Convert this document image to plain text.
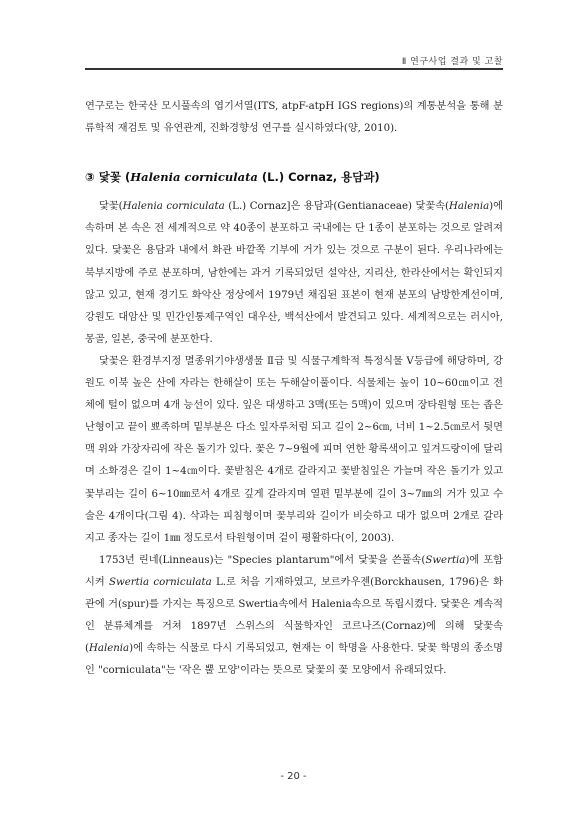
Ⅱ 연구사업 결과 및 고찰

연구로는 한국산 모시풀속의 엽기서열(ITS, atpF-atpH IGS regions)의 계통분석을 통해 분류학적 재검토 및 유연관계, 진화경향성 연구를 실시하였다(양, 2010).

③ 닻꽃 (Halenia corniculata (L.) Cornaz, 용담과)

닻꽃(Halenia corniculata (L.) Cornaz]은 용담과(Gentianaceae) 닻꽃속(Halenia)에 속하며 본 속은 전 세계적으로 약 40종이 분포하고 국내에는 단 1종이 분포하는 것으로 알려져 있다. 닻꽃은 용담과 내에서 화관 바깥쪽 기부에 거가 있는 것으로 구분이 된다. 우리나라에는 북부지방에 주로 분포하며, 남한에는 과거 기록되었던 설악산, 지리산, 한라산에서는 확인되지 않고 있고, 현재 경기도 화악산 정상에서 1979년 채집된 표본이 현재 분포의 남방한계선이며, 강원도 대암산 및 민간인통제구역인 대우산, 백석산에서 발견되고 있다. 세계적으로는 러시아, 몽골, 일본, 중국에 분포한다.

닻꽃은 환경부지정 멸종위기야생생물 Ⅱ급 및 식물구계학적 특정식물 Ⅴ등급에 해당하며, 강원도 이북 높은 산에 자라는 한해살이 또는 두해살이풀이다. 식물체는 높이 10~60㎝이고 전체에 털이 없으며 4개 능선이 있다. 잎은 대생하고 3맥(또는 5맥)이 있으며 장타원형 또는 좁은 난형이고 끝이 뾰족하며 밑부분은 다소 잎자루처럼 되고 길이 2~6㎝, 너비 1~2.5㎝로서 뒷면 맥 위와 가장자리에 작은 돌기가 있다. 꽃은 7~9월에 피며 연한 황록색이고 잎겨드랑이에 달리며 소화경은 길이 1~4㎝이다. 꽃받침은 4개로 갈라지고 꽃받침잎은 가늘며 작은 돌기가 있고 꽃부리는 길이 6~10㎜로서 4개로 깊게 갈라지며 열편 밑부분에 길이 3~7㎜의 거가 있고 수술은 4개이다(그림 4). 삭과는 피침형이며 꽃부리와 길이가 비슷하고 대가 없으며 2개로 갈라지고 종자는 길이 1㎜ 정도로서 타원형이며 겉이 평활하다(이, 2003).

1753년 린네(Linneaus)는 "Species plantarum"에서 닻꽃을 쓴풀속(Swertia)에 포함시켜 Swertia corniculata L.로 처음 기재하였고, 보르카우젠(Borckhausen, 1796)은 화관에 거(spur)를 가지는 특징으로 Swertia속에서 Halenia속으로 독립시켰다. 닻꽃은 계속적인 분류체계를 거쳐 1897년 스위스의 식물학자인 코르나즈(Cornaz)에 의해 닻꽃속(Halenia)에 속하는 식물로 다시 기록되었고, 현재는 이 학명을 사용한다. 닻꽃 학명의 종소명인 "corniculata"는 '작은 뿔 모양'이라는 뜻으로 닻꽃의 꽃 모양에서 유래되었다.

- 20 -
